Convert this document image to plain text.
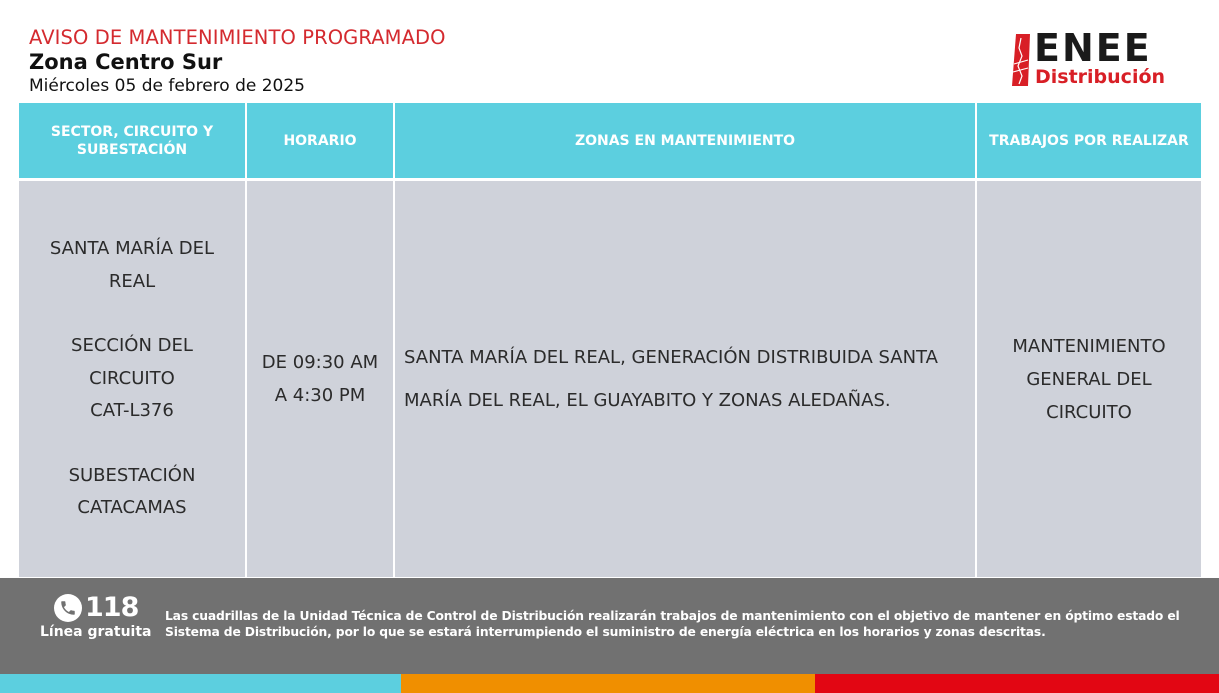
AVISO DE MANTENIMIENTO PROGRAMADO
Zona Centro Sur
Miércoles 05 de febrero de 2025
ENEE
Distribución
SECTOR, CIRCUITO Y SUBESTACIÓN
HORARIO	ZONAS EN MANTENIMIENTO	TRABAJOS POR REALIZAR
SANTA MARÍA DEL
REAL
SECCIÓN DEL
CIRCUITO
CAT-L376
SUBESTACIÓN
CATACAMAS
DE 09:30 AM
A 4:30 PM
SANTA MARÍA DEL REAL, GENERACIÓN DISTRIBUIDA SANTA MARÍA DEL REAL, EL GUAYABITO Y ZONAS ALEDAÑAS.
MANTENIMIENTO
GENERAL DEL
CIRCUITO
118
Línea gratuita
Las cuadrillas de la Unidad Técnica de Control de Distribución realizarán trabajos de mantenimiento con el objetivo de mantener en óptimo estado el Sistema de Distribución, por lo que se estará interrumpiendo el suministro de energía eléctrica en los horarios y zonas descritas.
